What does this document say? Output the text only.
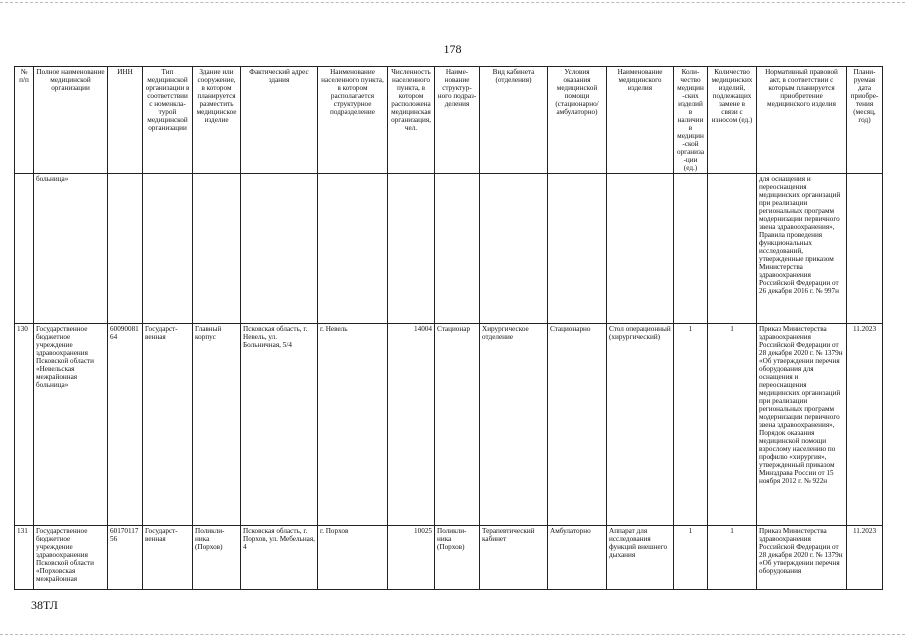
178
№ п/п	Полное наименование медицинской организации	ИНН	Тип медицинской организации в соответствии с номенкла-турой медицинской организации	Здание или сооружение, в котором планируется разместить медицинское изделие	Фактический адрес здания	Наименование населенного пункта, в котором располагается структурное подразделение	Численность населенного пункта, в котором расположена медицинская организация, чел.	Наиме-нование структур-ного подраз-деления	Вид кабинета (отделения)	Условия оказания медицинской помощи (стационарно/ амбулаторно)	Наименование медицинского изделия	Коли-чество медицин-ских изделий в наличии в медицин-ской организа-ции (ед.)	Количество медицинских изделий, подлежащих замене в связи с износом (ед.)	Нормативный правовой акт, в соответствии с которым планируется приобретение медицинского изделия	Плани-руемая дата приобре-тения (месяц, год)
	больница»													для оснащения и переоснащения медицинских организаций при реализации региональных программ модернизации первичного звена здравоохранения», Правила проведения функциональных исследований, утвержденные приказом Министерства здравоохранения Российской Федерации от 26 декабря 2016 г. № 997н	
130	Государственное бюджетное учреждение здравоохранения Псковской области «Невельская межрайонная больница»	6009008164	Государст-венная	Главный корпус	Псковская область, г. Невель, ул. Больничная, 5/4	г. Невель	14004	Стационар	Хирургическое отделение	Стационарно	Стол операционный (хирургический)	1	1	Приказ Министерства здравоохранения Российской Федерации от 28 декабря 2020 г. № 1379н «Об утверждении перечня оборудования для оснащения и переоснащения медицинских организаций при реализации региональных программ модернизации первичного звена здравоохранения», Порядок оказания медицинской помощи взрослому населению по профилю «хирургия», утвержденный приказом Минздрава России от 15 ноября 2012 г. № 922н	11.2023
131	Государственное бюджетное учреждение здравоохранения Псковской области «Порховская межрайонная	6017011756	Государст-венная	Поликли-ника (Порхов)	Псковская область, г. Порхов, ул. Мебельная, 4	г. Порхов	10025	Поликли-ника (Порхов)	Терапевтический кабинет	Амбулаторно	Аппарат для исследования функций внешнего дыхания	1	1	Приказ Министерства здравоохранения Российской Федерации от 28 декабря 2020 г. № 1379н «Об утверждении перечня оборудования	11.2023
38ТЛ
